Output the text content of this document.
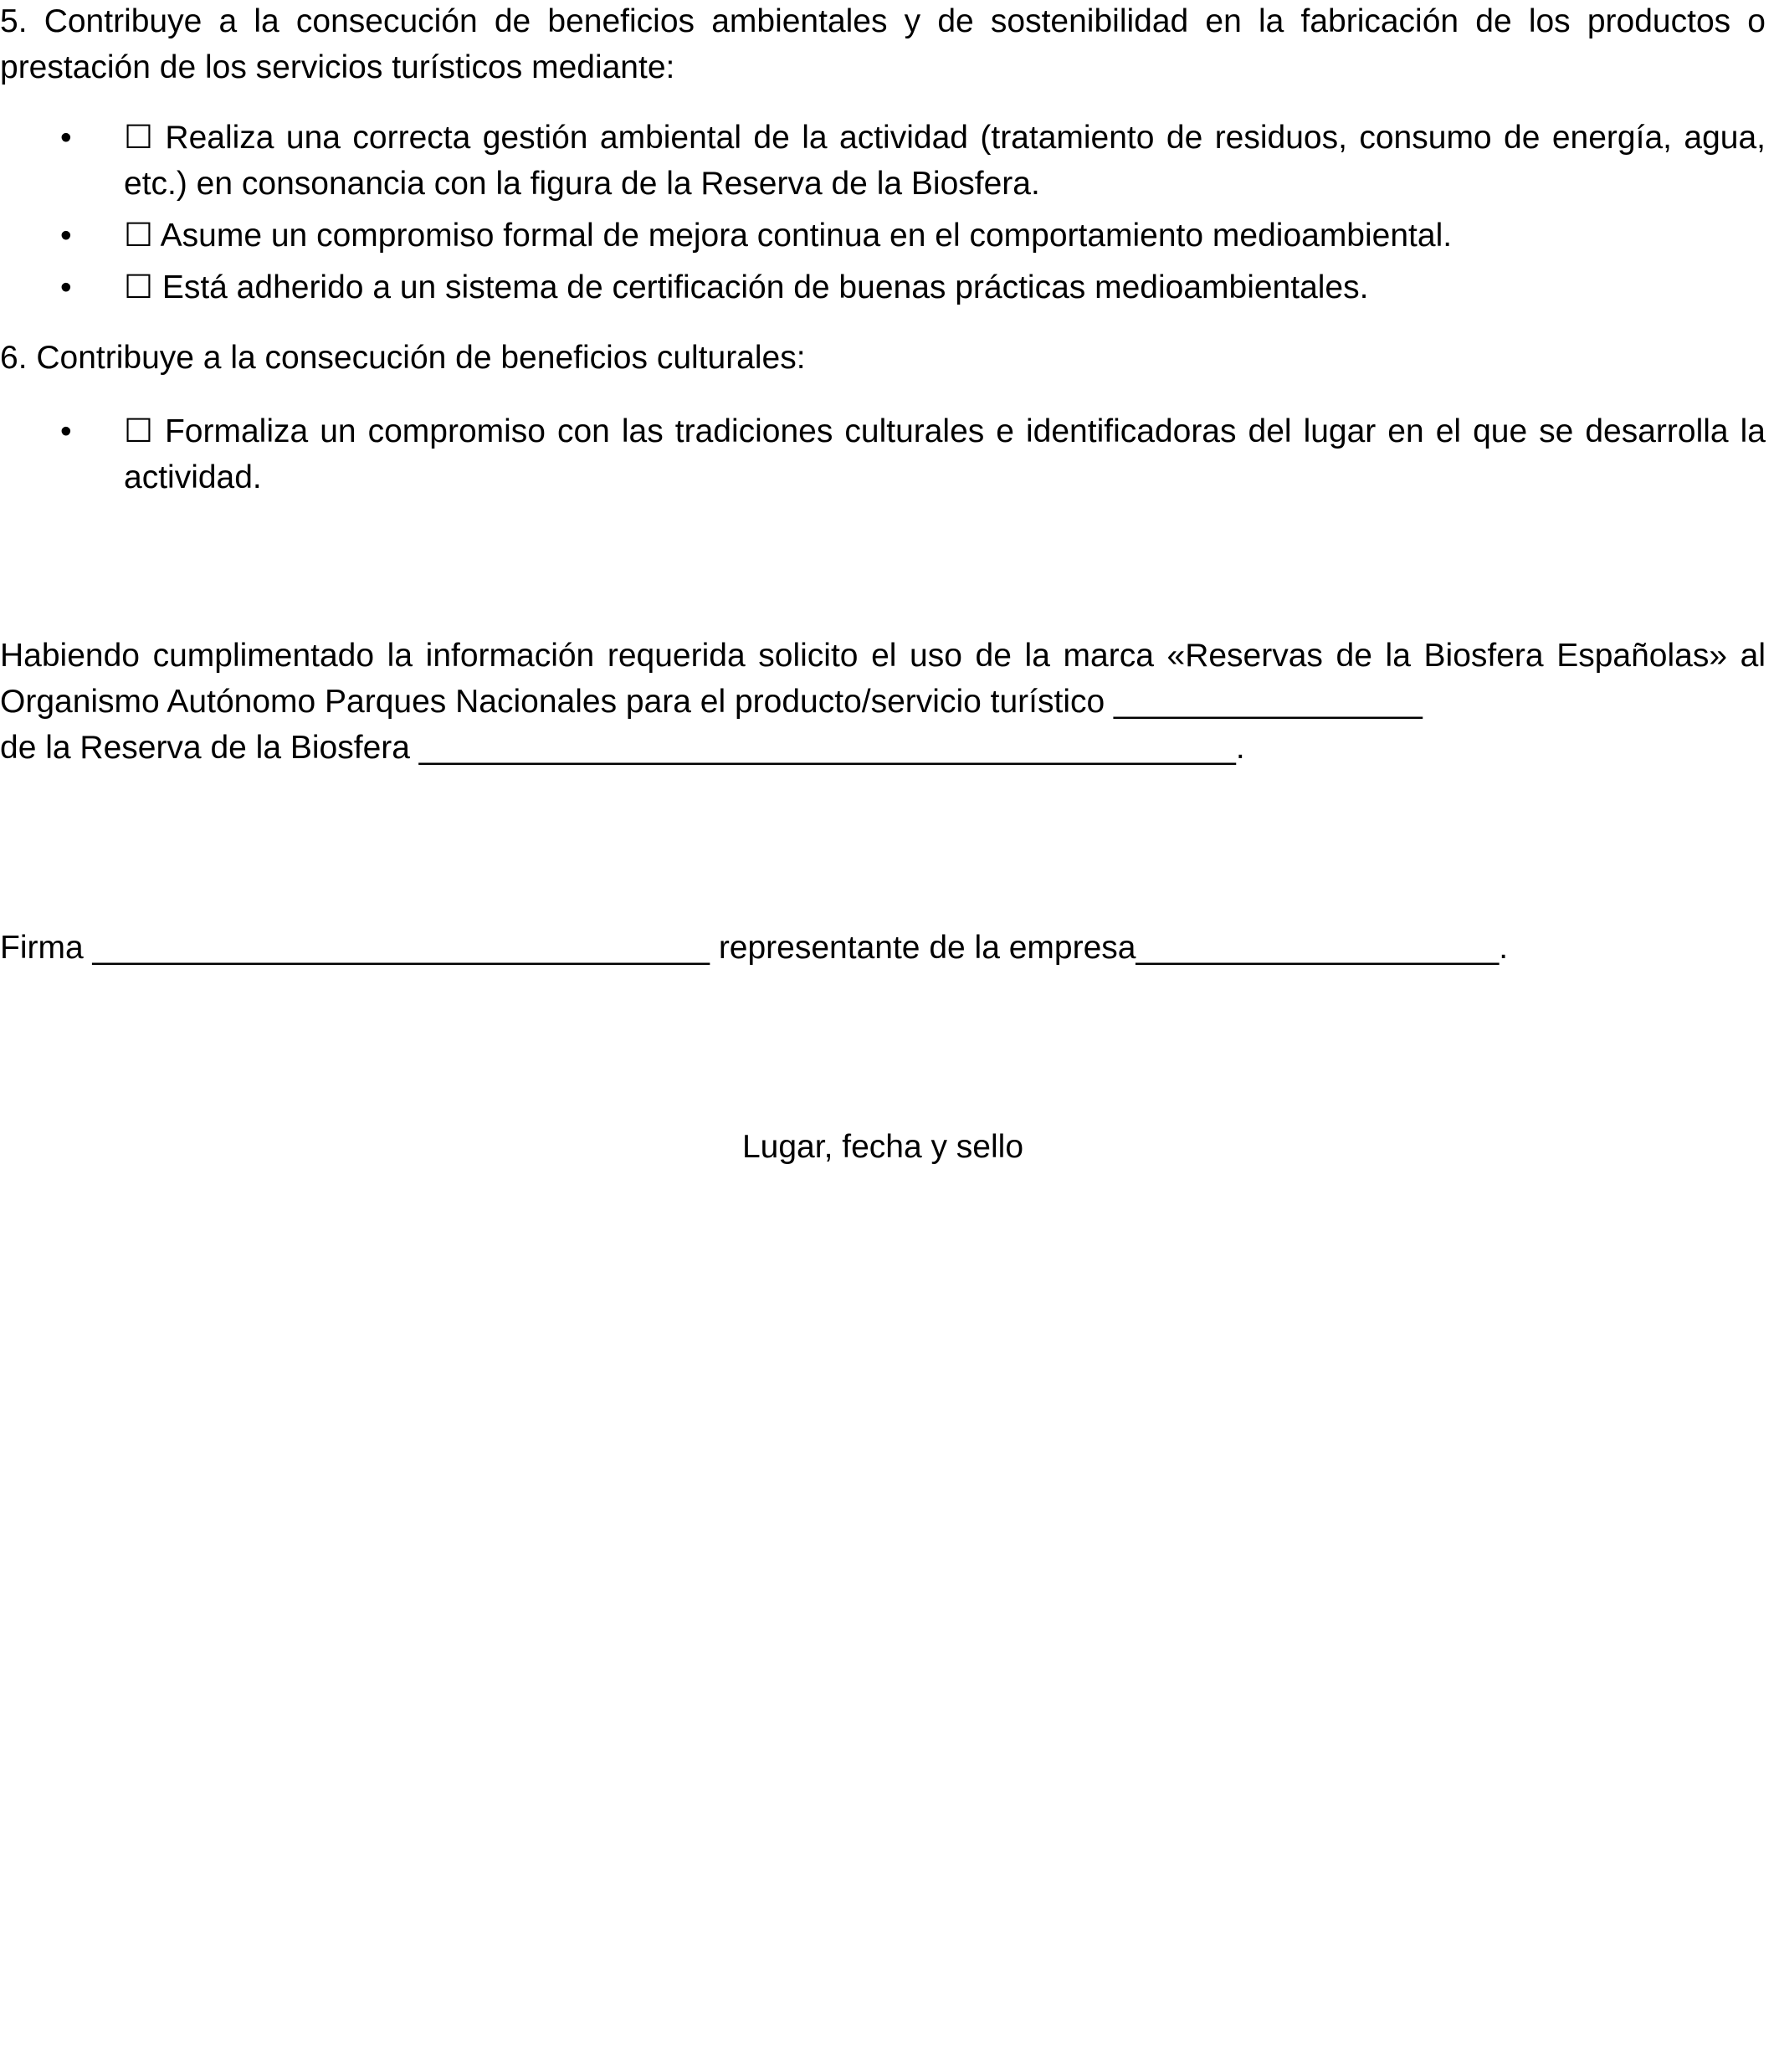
5. Contribuye a la consecución de beneficios ambientales y de sostenibilidad en la fabricación de los productos o prestación de los servicios turísticos mediante:

• ☐ Realiza una correcta gestión ambiental de la actividad (tratamiento de residuos, consumo de energía, agua, etc.) en consonancia con la figura de la Reserva de la Biosfera.
• ☐ Asume un compromiso formal de mejora continua en el comportamiento medioambiental.
• ☐ Está adherido a un sistema de certificación de buenas prácticas medioambientales.

6. Contribuye a la consecución de beneficios culturales:

• ☐ Formaliza un compromiso con las tradiciones culturales e identificadoras del lugar en el que se desarrolla la actividad.

Habiendo cumplimentado la información requerida solicito el uso de la marca «Reservas de la Biosfera Españolas» al Organismo Autónomo Parques Nacionales para el producto/servicio turístico _________________
de la Reserva de la Biosfera _____________________________________________.

Firma __________________________________ representante de la empresa____________________.

Lugar, fecha y sello
